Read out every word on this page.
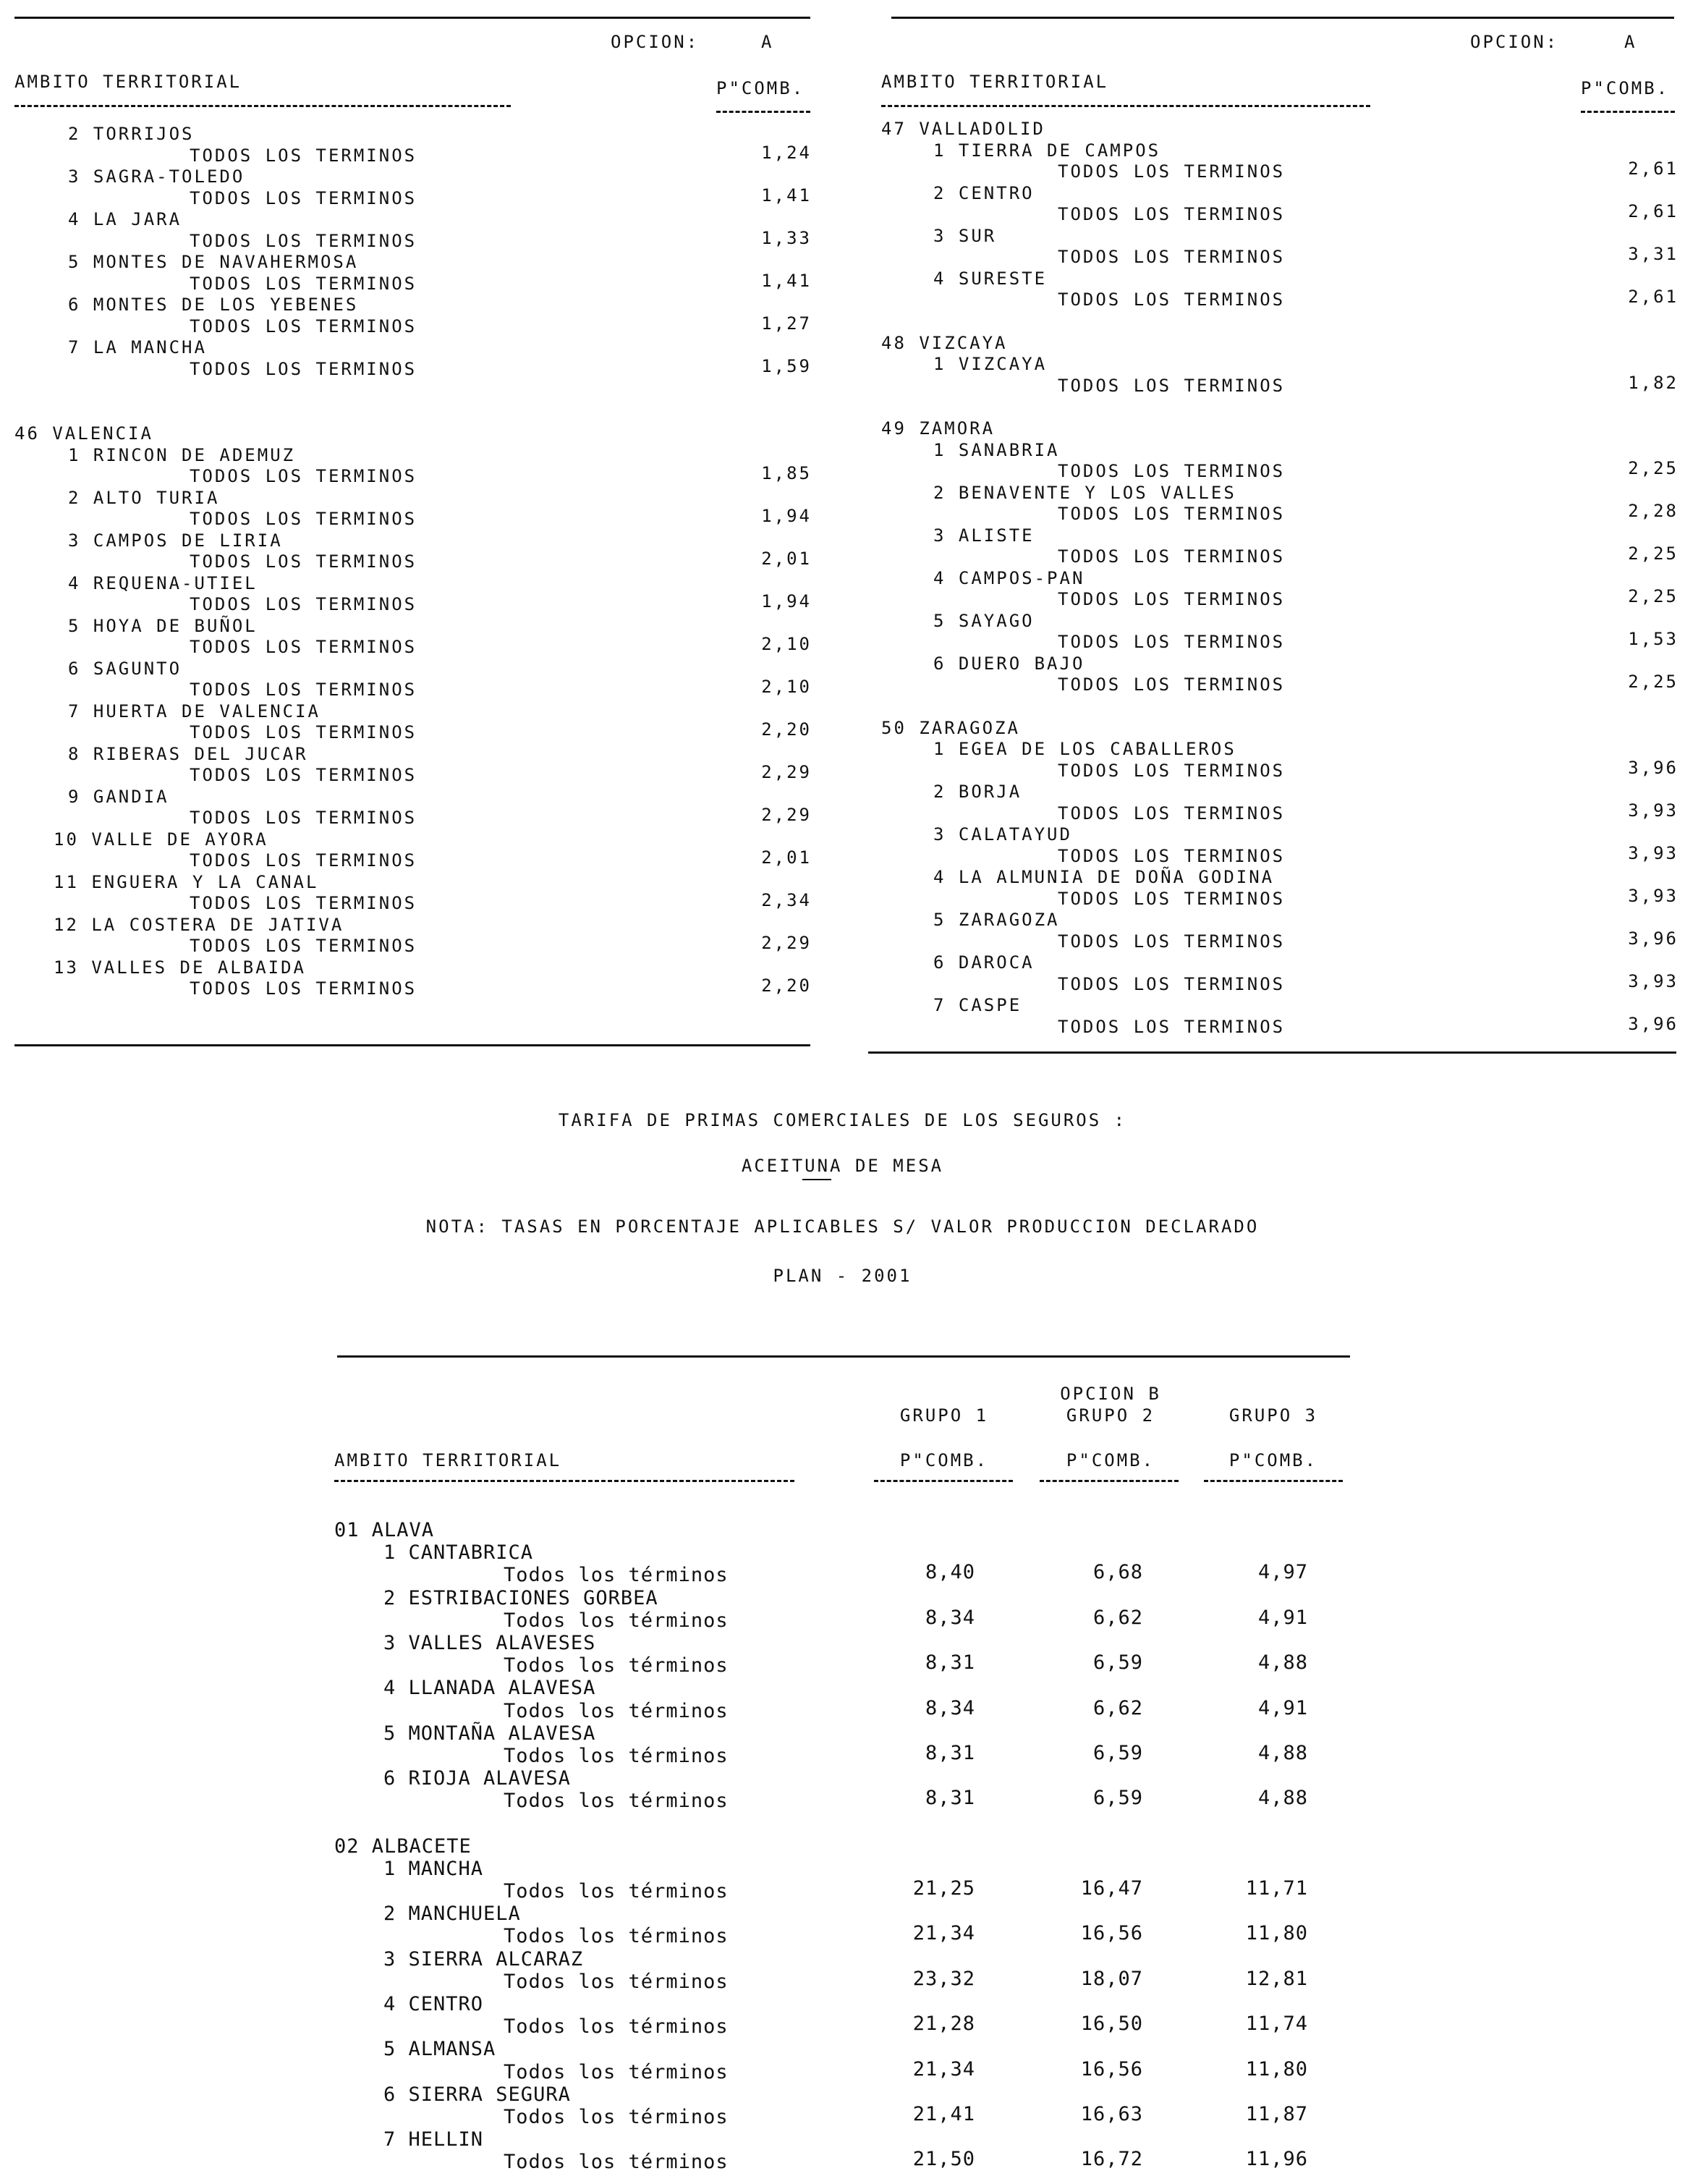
OPCION:	A
AMBITO TERRITORIAL	P"COMB.
2 TORRIJOS
TODOS LOS TERMINOS	1,24
3 SAGRA-TOLEDO
TODOS LOS TERMINOS	1,41
4 LA JARA
TODOS LOS TERMINOS	1,33
5 MONTES DE NAVAHERMOSA
TODOS LOS TERMINOS	1,41
6 MONTES DE LOS YEBENES
TODOS LOS TERMINOS	1,27
7 LA MANCHA
TODOS LOS TERMINOS	1,59
46 VALENCIA
1 RINCON DE ADEMUZ
TODOS LOS TERMINOS	1,85
2 ALTO TURIA
TODOS LOS TERMINOS	1,94
3 CAMPOS DE LIRIA
TODOS LOS TERMINOS	2,01
4 REQUENA-UTIEL
TODOS LOS TERMINOS	1,94
5 HOYA DE BUÑOL
TODOS LOS TERMINOS	2,10
6 SAGUNTO
TODOS LOS TERMINOS	2,10
7 HUERTA DE VALENCIA
TODOS LOS TERMINOS	2,20
8 RIBERAS DEL JUCAR
TODOS LOS TERMINOS	2,29
9 GANDIA
TODOS LOS TERMINOS	2,29
10 VALLE DE AYORA
TODOS LOS TERMINOS	2,01
11 ENGUERA Y LA CANAL
TODOS LOS TERMINOS	2,34
12 LA COSTERA DE JATIVA
TODOS LOS TERMINOS	2,29
13 VALLES DE ALBAIDA
TODOS LOS TERMINOS	2,20
OPCION:	A
AMBITO TERRITORIAL	P"COMB.
47 VALLADOLID
1 TIERRA DE CAMPOS
TODOS LOS TERMINOS	2,61
2 CENTRO
TODOS LOS TERMINOS	2,61
3 SUR
TODOS LOS TERMINOS	3,31
4 SURESTE
TODOS LOS TERMINOS	2,61
48 VIZCAYA
1 VIZCAYA
TODOS LOS TERMINOS	1,82
49 ZAMORA
1 SANABRIA
TODOS LOS TERMINOS	2,25
2 BENAVENTE Y LOS VALLES
TODOS LOS TERMINOS	2,28
3 ALISTE
TODOS LOS TERMINOS	2,25
4 CAMPOS-PAN
TODOS LOS TERMINOS	2,25
5 SAYAGO
TODOS LOS TERMINOS	1,53
6 DUERO BAJO
TODOS LOS TERMINOS	2,25
50 ZARAGOZA
1 EGEA DE LOS CABALLEROS
TODOS LOS TERMINOS	3,96
2 BORJA
TODOS LOS TERMINOS	3,93
3 CALATAYUD
TODOS LOS TERMINOS	3,93
4 LA ALMUNIA DE DOÑA GODINA
TODOS LOS TERMINOS	3,93
5 ZARAGOZA
TODOS LOS TERMINOS	3,96
6 DAROCA
TODOS LOS TERMINOS	3,93
7 CASPE
TODOS LOS TERMINOS	3,96
TARIFA DE PRIMAS COMERCIALES DE LOS SEGUROS :
ACEITUNA DE MESA
NOTA: TASAS EN PORCENTAJE APLICABLES S/ VALOR PRODUCCION DECLARADO
PLAN - 2001
OPCION B
GRUPO 1	GRUPO 2	GRUPO 3
AMBITO TERRITORIAL	P"COMB.	P"COMB.	P"COMB.
01 ALAVA
1 CANTABRICA
Todos los términos	8,40	6,68	4,97
2 ESTRIBACIONES GORBEA
Todos los términos	8,34	6,62	4,91
3 VALLES ALAVESES
Todos los términos	8,31	6,59	4,88
4 LLANADA ALAVESA
Todos los términos	8,34	6,62	4,91
5 MONTAÑA ALAVESA
Todos los términos	8,31	6,59	4,88
6 RIOJA ALAVESA
Todos los términos	8,31	6,59	4,88
02 ALBACETE
1 MANCHA
Todos los términos	21,25	16,47	11,71
2 MANCHUELA
Todos los términos	21,34	16,56	11,80
3 SIERRA ALCARAZ
Todos los términos	23,32	18,07	12,81
4 CENTRO
Todos los términos	21,28	16,50	11,74
5 ALMANSA
Todos los términos	21,34	16,56	11,80
6 SIERRA SEGURA
Todos los términos	21,41	16,63	11,87
7 HELLIN
Todos los términos	21,50	16,72	11,96
